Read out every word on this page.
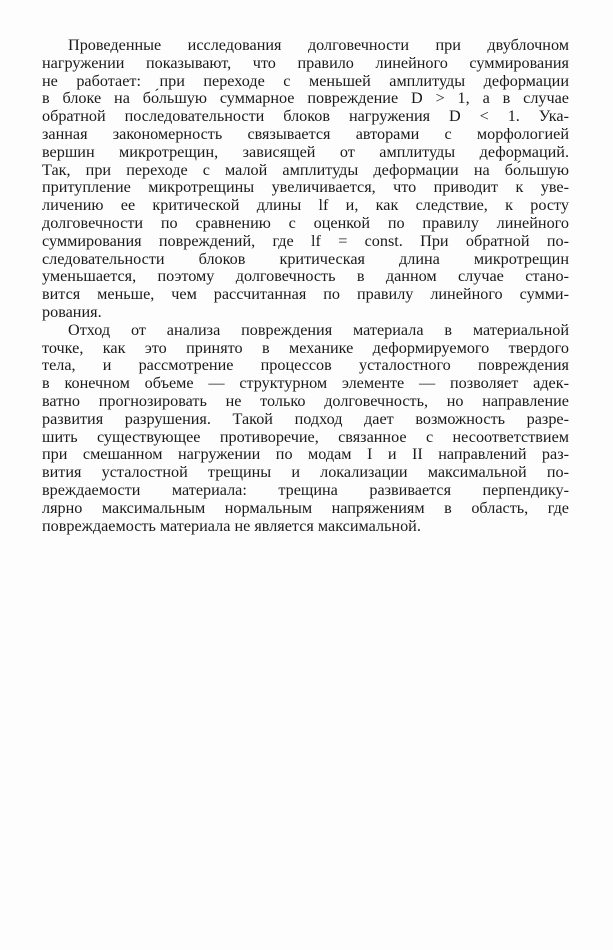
Проведенные исследования долговечности при двублочном
нагружении показывают, что правило линейного суммирования
не работает: при переходе с меньшей амплитуды деформации
в блоке на бо́льшую суммарное повреждение D > 1, а в случае
обратной последовательности блоков нагружения D < 1. Ука-
занная закономерность связывается авторами с морфологией
вершин микротрещин, зависящей от амплитуды деформаций.
Так, при переходе с малой амплитуды деформации на бо́льшую
притупление микротрещины увеличивается, что приводит к уве-
личению ее критической длины lf и, как следствие, к росту
долговечности по сравнению с оценкой по правилу линейного
суммирования повреждений, где lf = const. При обратной по-
следовательности блоков критическая длина микротрещин
уменьшается, поэтому долговечность в данном случае стано-
вится меньше, чем рассчитанная по правилу линейного сумми-
рования.
Отход от анализа повреждения материала в материальной
точке, как это принято в механике деформируемого твердого
тела, и рассмотрение процессов усталостного повреждения
в конечном объеме — структурном элементе — позволяет адек-
ватно прогнозировать не только долговечность, но направление
развития разрушения. Такой подход дает возможность разре-
шить существующее противоречие, связанное с несоответствием
при смешанном нагружении по модам I и II направлений раз-
вития усталостной трещины и локализации максимальной по-
врeждаемости материала: трещина развивается перпендику-
лярно максимальным нормальным напряжениям в область, где
поврeждаемость материала не является максимальной.
